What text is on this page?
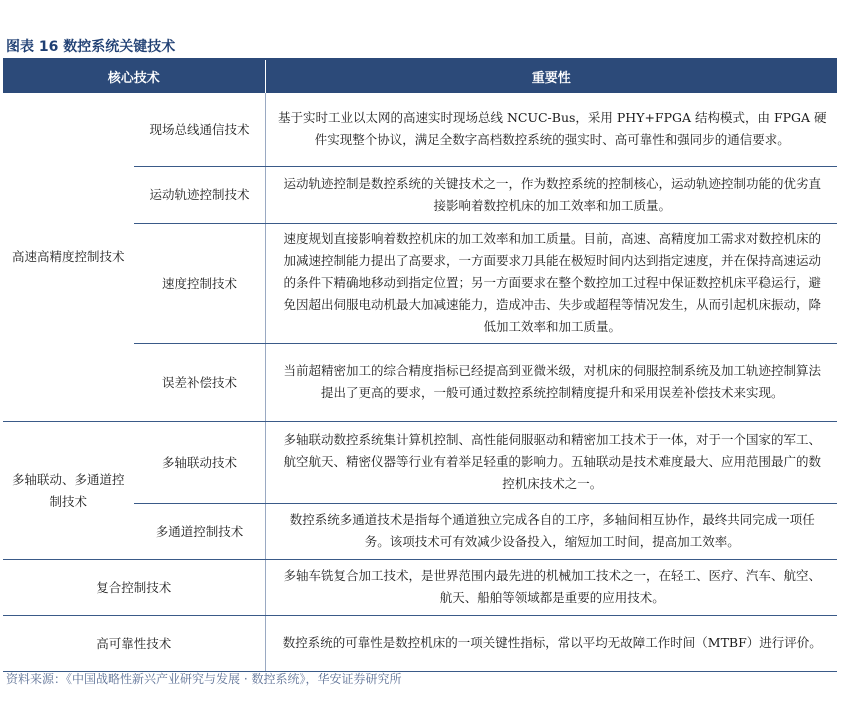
图表 16 数控系统关键技术
核心技术		重要性
高速高精度控制技术	现场总线通信技术	基于实时工业以太网的高速实时现场总线 NCUC-Bus，采用 PHY+FPGA 结构模式，由 FPGA 硬件实现整个协议，满足全数字高档数控系统的强实时、高可靠性和强同步的通信要求。
	运动轨迹控制技术	运动轨迹控制是数控系统的关键技术之一，作为数控系统的控制核心，运动轨迹控制功能的优劣直接影响着数控机床的加工效率和加工质量。
	速度控制技术	速度规划直接影响着数控机床的加工效率和加工质量。目前，高速、高精度加工需求对数控机床的加减速控制能力提出了高要求，一方面要求刀具能在极短时间内达到指定速度，并在保持高速运动的条件下精确地移动到指定位置；另一方面要求在整个数控加工过程中保证数控机床平稳运行，避免因超出伺服电动机最大加减速能力，造成冲击、失步或超程等情况发生，从而引起机床振动，降低加工效率和加工质量。
	误差补偿技术	当前超精密加工的综合精度指标已经提高到亚微米级，对机床的伺服控制系统及加工轨迹控制算法提出了更高的要求，一般可通过数控系统控制精度提升和采用误差补偿技术来实现。
多轴联动、多通道控制技术	多轴联动技术	多轴联动数控系统集计算机控制、高性能伺服驱动和精密加工技术于一体，对于一个国家的军工、航空航天、精密仪器等行业有着举足轻重的影响力。五轴联动是技术难度最大、应用范围最广的数控机床技术之一。
	多通道控制技术	数控系统多通道技术是指每个通道独立完成各自的工序，多轴间相互协作，最终共同完成一项任务。该项技术可有效减少设备投入，缩短加工时间，提高加工效率。
复合控制技术		多轴车铣复合加工技术，是世界范围内最先进的机械加工技术之一，在轻工、医疗、汽车、航空、航天、船舶等领域都是重要的应用技术。
高可靠性技术		数控系统的可靠性是数控机床的一项关键性指标，常以平均无故障工作时间（MTBF）进行评价。
资料来源：《中国战略性新兴产业研究与发展 · 数控系统》，华安证券研究所
